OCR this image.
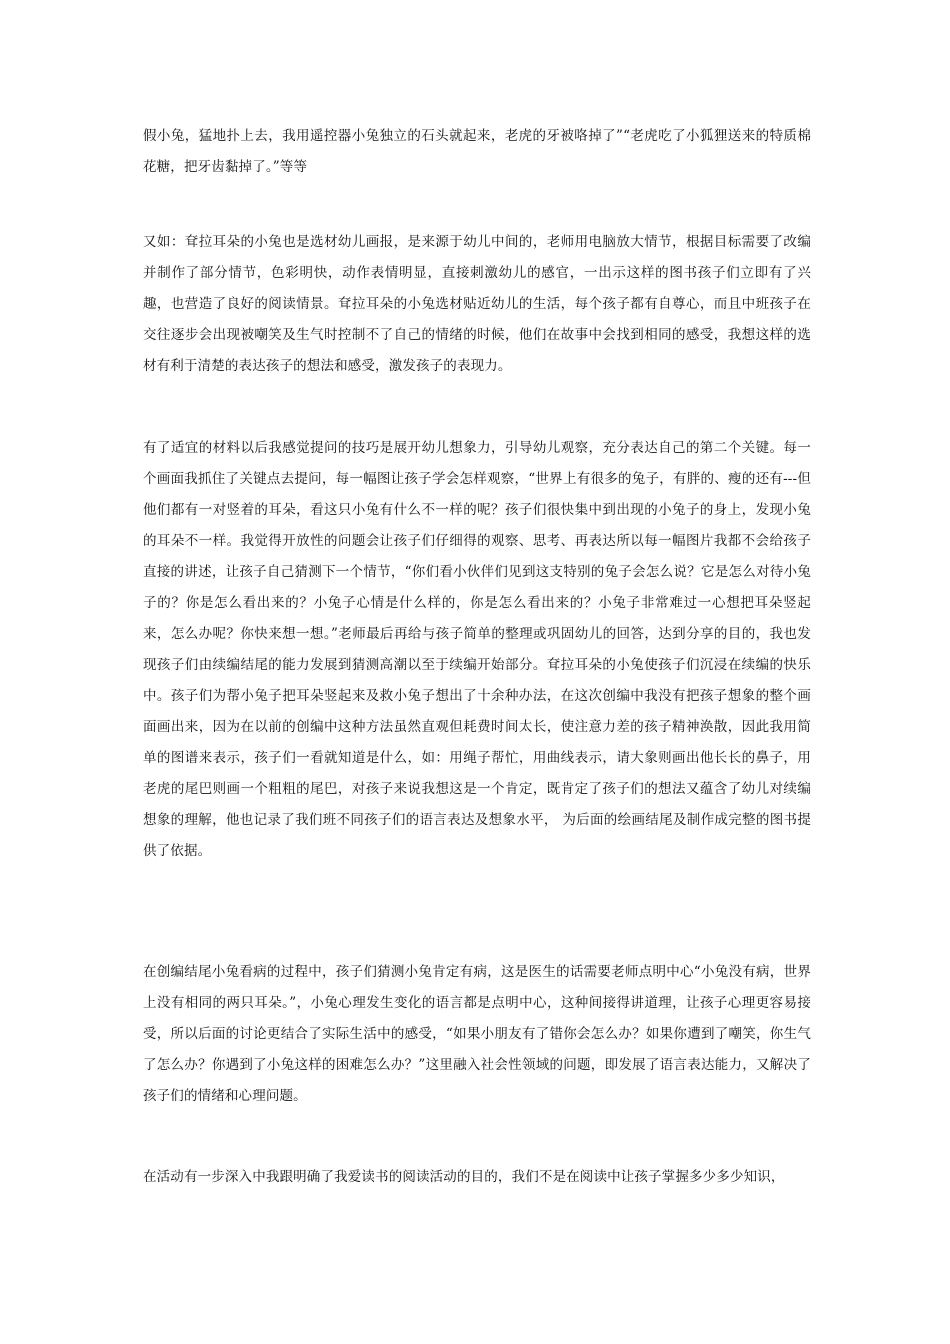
假小兔，猛地扑上去，我用遥控器小兔独立的石头就起来，老虎的牙被咯掉了”“老虎吃了小狐狸送来的特质棉花糖，把牙齿黏掉了。”等等

又如：耷拉耳朵的小兔也是选材幼儿画报，是来源于幼儿中间的，老师用电脑放大情节，根据目标需要了改编并制作了部分情节，色彩明快，动作表情明显，直接刺激幼儿的感官，一出示这样的图书孩子们立即有了兴趣，也营造了良好的阅读情景。耷拉耳朵的小兔选材贴近幼儿的生活，每个孩子都有自尊心，而且中班孩子在交往逐步会出现被嘲笑及生气时控制不了自己的情绪的时候，他们在故事中会找到相同的感受，我想这样的选材有利于清楚的表达孩子的想法和感受，激发孩子的表现力。

有了适宜的材料以后我感觉提问的技巧是展开幼儿想象力，引导幼儿观察，充分表达自己的第二个关键。每一个画面我抓住了关键点去提问，每一幅图让孩子学会怎样观察，“世界上有很多的兔子，有胖的、瘦的还有---但他们都有一对竖着的耳朵，看这只小兔有什么不一样的呢？孩子们很快集中到出现的小兔子的身上，发现小兔的耳朵不一样。我觉得开放性的问题会让孩子们仔细得的观察、思考、再表达所以每一幅图片我都不会给孩子直接的讲述，让孩子自己猜测下一个情节，“你们看小伙伴们见到这支特别的兔子会怎么说？它是怎么对待小兔子的？你是怎么看出来的？小兔子心情是什么样的，你是怎么看出来的？小兔子非常难过一心想把耳朵竖起来，怎么办呢？你快来想一想。”老师最后再给与孩子简单的整理或巩固幼儿的回答，达到分享的目的，我也发现孩子们由续编结尾的能力发展到猜测高潮以至于续编开始部分。耷拉耳朵的小兔使孩子们沉浸在续编的快乐中。孩子们为帮小兔子把耳朵竖起来及救小兔子想出了十余种办法，在这次创编中我没有把孩子想象的整个画面画出来，因为在以前的创编中这种方法虽然直观但耗费时间太长，使注意力差的孩子精神涣散，因此我用简单的图谱来表示，孩子们一看就知道是什么，如：用绳子帮忙，用曲线表示，请大象则画出他长长的鼻子，用老虎的尾巴则画一个粗粗的尾巴，对孩子来说我想这是一个肯定，既肯定了孩子们的想法又蕴含了幼儿对续编想象的理解，他也记录了我们班不同孩子们的语言表达及想象水平， 为后面的绘画结尾及制作成完整的图书提供了依据。

在创编结尾小兔看病的过程中，孩子们猜测小兔肯定有病，这是医生的话需要老师点明中心“小兔没有病，世界上没有相同的两只耳朵。”，小兔心理发生变化的语言都是点明中心，这种间接得讲道理，让孩子心理更容易接受，所以后面的讨论更结合了实际生活中的感受，“如果小朋友有了错你会怎么办？如果你遭到了嘲笑，你生气了怎么办？你遇到了小兔这样的困难怎么办？”这里融入社会性领域的问题，即发展了语言表达能力，又解决了孩子们的情绪和心理问题。

在活动有一步深入中我跟明确了我爱读书的阅读活动的目的，我们不是在阅读中让孩子掌握多少多少知识，
